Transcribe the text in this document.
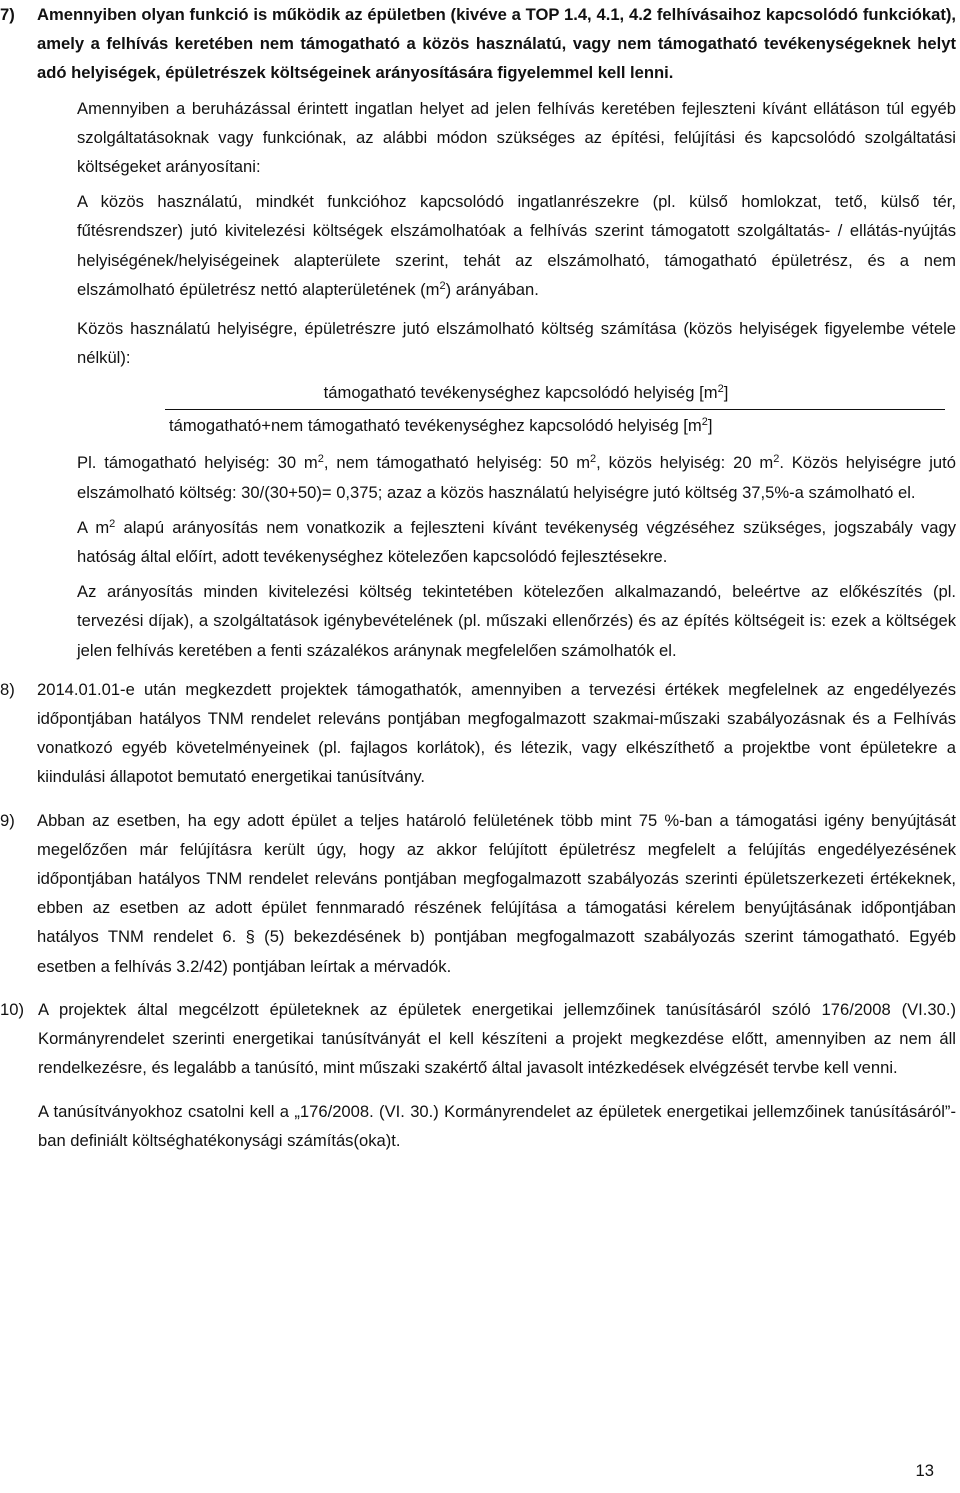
7)	Amennyiben olyan funkció is működik az épületben (kivéve a TOP 1.4, 4.1, 4.2 felhívásaihoz kapcsolódó funkciókat), amely a felhívás keretében nem támogatható a közös használatú, vagy nem támogatható tevékenységeknek helyt adó helyiségek, épületrészek költségeinek arányosítására figyelemmel kell lenni.

Amennyiben a beruházással érintett ingatlan helyet ad jelen felhívás keretében fejleszteni kívánt ellátáson túl egyéb szolgáltatásoknak vagy funkciónak, az alábbi módon szükséges az építési, felújítási és kapcsolódó szolgáltatási költségeket arányosítani:

A közös használatú, mindkét funkcióhoz kapcsolódó ingatlanrészekre (pl. külső homlokzat, tető, külső tér, fűtésrendszer) jutó kivitelezési költségek elszámolhatóak a felhívás szerint támogatott szolgáltatás- / ellátás-nyújtás helyiségének/helyiségeinek alapterülete szerint, tehát az elszámolható, támogatható épületrész, és a nem elszámolható épületrész nettó alapterületének $(m^2)$ arányában.

Közös használatú helyiségre, épületrészre jutó elszámolható költség számítása (közös helyiségek figyelembe vétele nélkül):

támogatható tevékenységhez kapcsolódó helyiség $[m^2]$
támogatható+nem támogatható tevékenységhez kapcsolódó helyiség $[m^2]$

Pl. támogatható helyiség: 30 $m^2$, nem támogatható helyiség: 50 $m^2$, közös helyiség: 20 $m^2$. Közös helyiségre jutó elszámolható költség: 30/(30+50)= 0,375; azaz a közös használatú helyiségre jutó költség 37,5%-a számolható el.

A $m^2$ alapú arányosítás nem vonatkozik a fejleszteni kívánt tevékenység végzéséhez szükséges, jogszabály vagy hatóság által előírt, adott tevékenységhez kötelezően kapcsolódó fejlesztésekre.

Az arányosítás minden kivitelezési költség tekintetében kötelezően alkalmazandó, beleértve az előkészítés (pl. tervezési díjak), a szolgáltatások igénybevételének (pl. műszaki ellenőrzés) és az építés költségeit is: ezek a költségek jelen felhívás keretében a fenti százalékos aránynak megfelelően számolhatók el.

8)	2014.01.01-e után megkezdett projektek támogathatók, amennyiben a tervezési értékek megfelelnek az engedélyezés időpontjában hatályos TNM rendelet releváns pontjában megfogalmazott szakmai-műszaki szabályozásnak és a Felhívás vonatkozó egyéb követelményeinek (pl. fajlagos korlátok), és létezik, vagy elkészíthető a projektbe vont épületekre a kiindulási állapotot bemutató energetikai tanúsítvány.

9)	Abban az esetben, ha egy adott épület a teljes határoló felületének több mint 75 %-ban a támogatási igény benyújtását megelőzően már felújításra került úgy, hogy az akkor felújított épületrész megfelelt a felújítás engedélyezésének időpontjában hatályos TNM rendelet releváns pontjában megfogalmazott szabályozás szerinti épületszerkezeti értékeknek, ebben az esetben az adott épület fennmaradó részének felújítása a támogatási kérelem benyújtásának időpontjában hatályos TNM rendelet 6. § (5) bekezdésének b) pontjában megfogalmazott szabályozás szerint támogatható. Egyéb esetben a felhívás 3.2/42) pontjában leírtak a mérvadók.

10) A projektek által megcélzott épületeknek az épületek energetikai jellemzőinek tanúsításáról szóló 176/2008 (VI.30.) Kormányrendelet szerinti energetikai tanúsítványát el kell készíteni a projekt megkezdése előtt, amennyiben az nem áll rendelkezésre, és legalább a tanúsító, mint műszaki szakértő által javasolt intézkedések elvégzését tervbe kell venni.

A tanúsítványokhoz csatolni kell a „176/2008. (VI. 30.) Kormányrendelet az épületek energetikai jellemzőinek tanúsításáról”-ban definiált költséghatékonysági számítás(oka)t.

13
